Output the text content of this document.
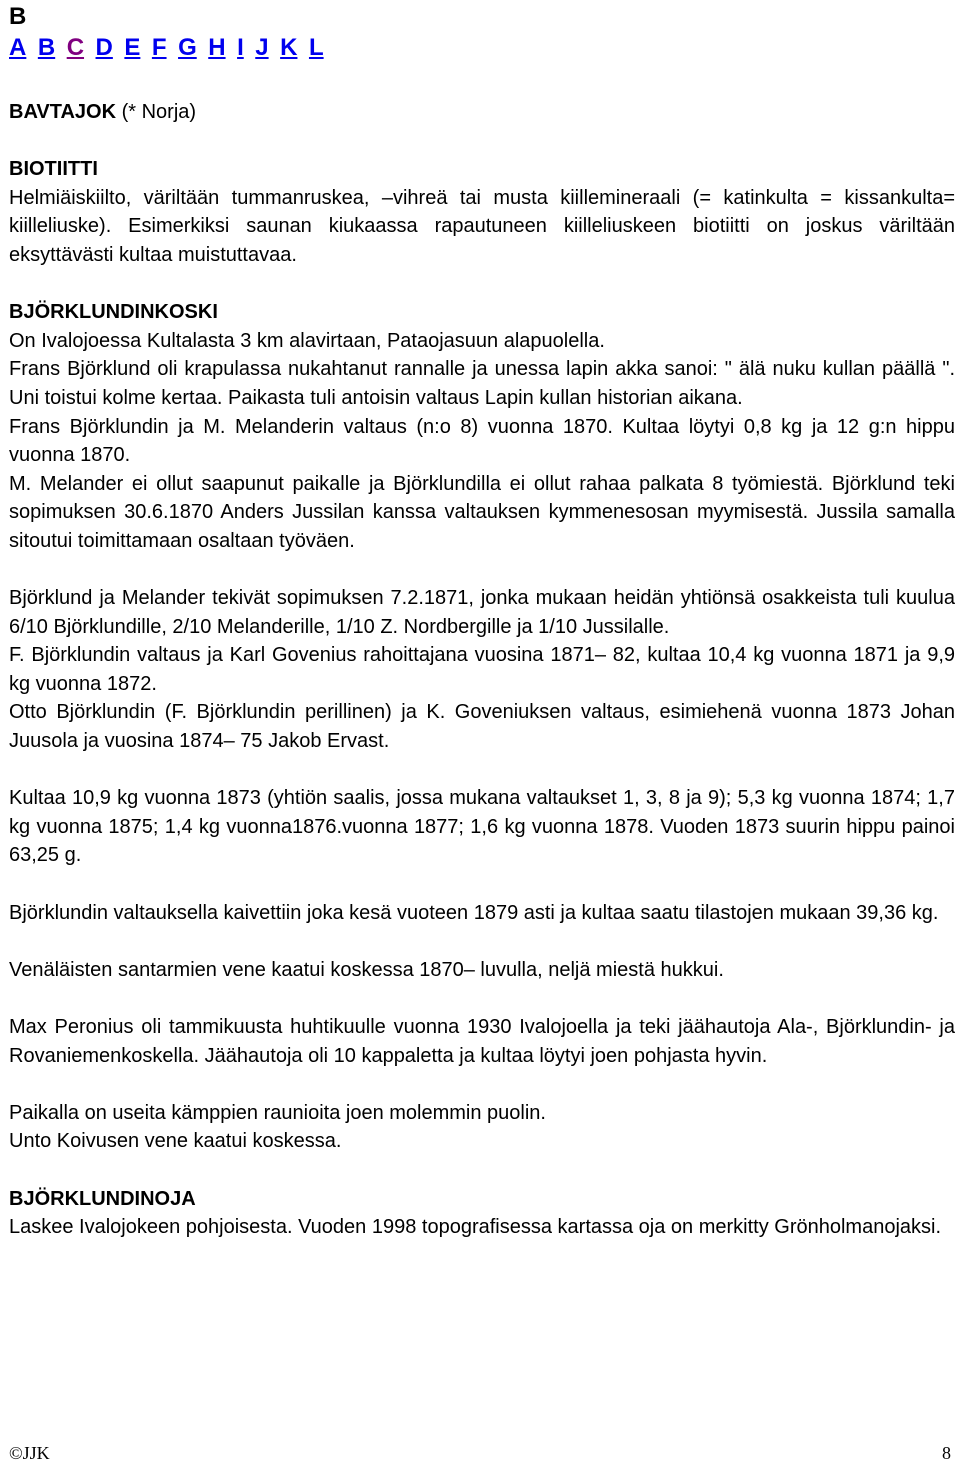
B
A B C D E F G H I J K L

BAVTAJOK (* Norja)

BIOTIITTI

Helmiäiskiilto, väriltään tummanruskea, –vihreä tai musta kiillemineraali (= katinkulta = kissankulta= kiilleliuske). Esimerkiksi saunan kiukaassa rapautuneen kiilleliuskeen biotiitti on joskus väriltään eksyttävästi kultaa muistuttavaa.

BJÖRKLUNDINKOSKI

On Ivalojoessa Kultalasta 3 km alavirtaan, Pataojasuun alapuolella.

Frans Björklund oli krapulassa nukahtanut rannalle ja unessa lapin akka sanoi: " älä nuku kullan päällä ". Uni toistui kolme kertaa. Paikasta tuli antoisin valtaus Lapin kullan historian aikana.

Frans Björklundin ja M. Melanderin valtaus (n:o 8) vuonna 1870. Kultaa löytyi 0,8 kg ja 12 g:n hippu vuonna 1870.

M. Melander ei ollut saapunut paikalle ja Björklundilla ei ollut rahaa palkata 8 työmiestä. Björklund teki sopimuksen 30.6.1870 Anders Jussilan kanssa valtauksen kymmenesosan myymisestä. Jussila samalla sitoutui toimittamaan osaltaan työväen.

Björklund ja Melander tekivät sopimuksen 7.2.1871, jonka mukaan heidän yhtiönsä osakkeista tuli kuulua 6/10 Björklundille, 2/10 Melanderille, 1/10 Z. Nordbergille ja 1/10 Jussilalle.

F. Björklundin valtaus ja Karl Govenius rahoittajana vuosina 1871– 82, kultaa 10,4 kg vuonna 1871 ja 9,9 kg vuonna 1872.

Otto Björklundin (F. Björklundin perillinen) ja K. Goveniuksen valtaus, esimiehenä vuonna 1873 Johan Juusola ja vuosina 1874– 75 Jakob Ervast.

Kultaa 10,9 kg vuonna 1873 (yhtiön saalis, jossa mukana valtaukset 1, 3, 8 ja 9); 5,3 kg vuonna 1874; 1,7 kg vuonna 1875; 1,4 kg vuonna1876.vuonna 1877; 1,6 kg vuonna 1878. Vuoden 1873 suurin hippu painoi 63,25 g.

Björklundin valtauksella kaivettiin joka kesä vuoteen 1879 asti ja kultaa saatu tilastojen mukaan 39,36 kg.

Venäläisten santarmien vene kaatui koskessa 1870– luvulla, neljä miestä hukkui.

Max Peronius oli tammikuusta huhtikuulle vuonna 1930 Ivalojoella ja teki jäähautoja Ala-, Björklundin- ja Rovaniemenkoskella. Jäähautoja oli 10 kappaletta ja kultaa löytyi joen pohjasta hyvin.

Paikalla on useita kämppien raunioita joen molemmin puolin.

Unto Koivusen vene kaatui koskessa.

BJÖRKLUNDINOJA

Laskee Ivalojokeen pohjoisesta. Vuoden 1998 topografisessa kartassa oja on merkitty Grönholmanojaksi.

©JJK	8
